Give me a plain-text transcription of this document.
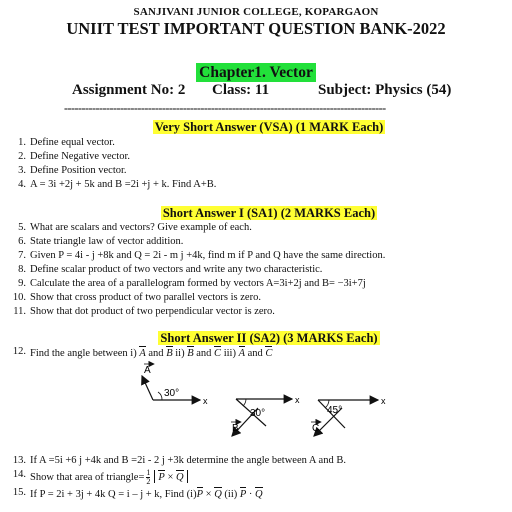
SANJIVANI JUNIOR COLLEGE, KOPARGAON
UNIIT TEST IMPORTANT QUESTION BANK-2022
Chapter1. Vector
Assignment No: 2 Class: 11	Subject: Physics (54)
--------------------------------------------------------------------------------------------
Very Short Answer (VSA) (1 MARK Each)
1. Define equal vector.
2. Define Negative vector.
3. Define Position vector.
4. A = 3i +2j + 5k and B =2i +j + k. Find A+B.
Short Answer I (SA1) (2 MARKS Each)
5. What are scalars and vectors? Give example of each.
6. State triangle law of vector addition.
7. Given P = 4i - j +8k and Q = 2i - m j +4k, find m if P and Q have the same direction.
8. Define scalar product of two vectors and write any two characteristic.
9. Calculate the area of a parallelogram formed by vectors A=3i+2j and B= −3i+7j
10. Show that cross product of two parallel vectors is zero.
11. Show that dot product of two perpendicular vector is zero.
Short Answer II (SA2) (3 MARKS Each)
12. Find the angle between i) A and B ii) B and C iii) A and C
x
A
30°
x
30°
B
x
45°
C
13. If A =5i +6 j +4k and B =2i - 2 j +3k determine the angle between A and B.
14. Show that area of triangle= $\frac{1}{2}$ P × Q
15. If P = 2i + 3j + 4k Q = i – j + k, Find (i)P × Q (ii) P · Q
